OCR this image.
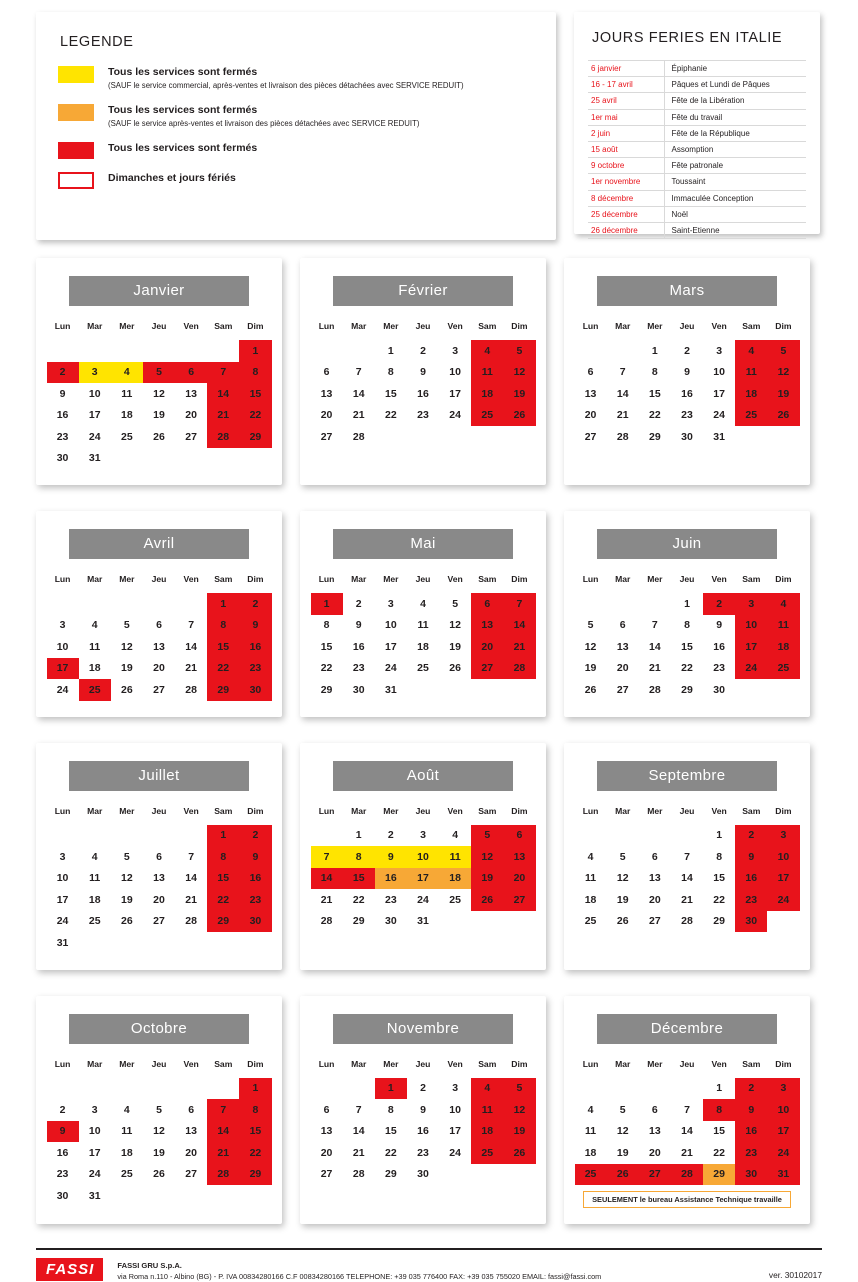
LEGENDE
Tous les services sont fermés
(SAUF le service commercial, après-ventes et livraison des pièces détachées avec SERVICE REDUIT)
Tous les services sont fermés
(SAUF le service après-ventes et livraison des pièces détachées avec SERVICE REDUIT)
Tous les services sont fermés
Dimanches et jours fériés
JOURS FERIES EN ITALIE
6 janvier	Épiphanie
16 - 17 avril	Pâques et Lundi de Pâques
25 avril	Fête de la Libération
1er mai	Fête du travail
2 juin	Fête de la République
15 août	Assomption
9 octobre	Fête patronale
1er novembre	Toussaint
8 décembre	Immaculée Conception
25 décembre	Noël
26 décembre	Saint-Etienne
Janvier
Lun	Mar	Mer	Jeu	Ven	Sam	Dim
						1
2	3	4	5	6	7	8
9	10	11	12	13	14	15
16	17	18	19	20	21	22
23	24	25	26	27	28	29
30	31					
Février
Lun	Mar	Mer	Jeu	Ven	Sam	Dim
		1	2	3	4	5
6	7	8	9	10	11	12
13	14	15	16	17	18	19
20	21	22	23	24	25	26
27	28					
Mars
Lun	Mar	Mer	Jeu	Ven	Sam	Dim
		1	2	3	4	5
6	7	8	9	10	11	12
13	14	15	16	17	18	19
20	21	22	23	24	25	26
27	28	29	30	31		
Avril
Lun	Mar	Mer	Jeu	Ven	Sam	Dim
					1	2
3	4	5	6	7	8	9
10	11	12	13	14	15	16
17	18	19	20	21	22	23
24	25	26	27	28	29	30
Mai
Lun	Mar	Mer	Jeu	Ven	Sam	Dim
1	2	3	4	5	6	7
8	9	10	11	12	13	14
15	16	17	18	19	20	21
22	23	24	25	26	27	28
29	30	31				
Juin
Lun	Mar	Mer	Jeu	Ven	Sam	Dim
			1	2	3	4
5	6	7	8	9	10	11
12	13	14	15	16	17	18
19	20	21	22	23	24	25
26	27	28	29	30		
Juillet
Lun	Mar	Mer	Jeu	Ven	Sam	Dim
					1	2
3	4	5	6	7	8	9
10	11	12	13	14	15	16
17	18	19	20	21	22	23
24	25	26	27	28	29	30
31						
Août
Lun	Mar	Mer	Jeu	Ven	Sam	Dim
	1	2	3	4	5	6
7	8	9	10	11	12	13
14	15	16	17	18	19	20
21	22	23	24	25	26	27
28	29	30	31			
Septembre
Lun	Mar	Mer	Jeu	Ven	Sam	Dim
				1	2	3
4	5	6	7	8	9	10
11	12	13	14	15	16	17
18	19	20	21	22	23	24
25	26	27	28	29	30	
Octobre
Lun	Mar	Mer	Jeu	Ven	Sam	Dim
						1
2	3	4	5	6	7	8
9	10	11	12	13	14	15
16	17	18	19	20	21	22
23	24	25	26	27	28	29
30	31					
Novembre
Lun	Mar	Mer	Jeu	Ven	Sam	Dim
		1	2	3	4	5
6	7	8	9	10	11	12
13	14	15	16	17	18	19
20	21	22	23	24	25	26
27	28	29	30			
Décembre
Lun	Mar	Mer	Jeu	Ven	Sam	Dim
				1	2	3
4	5	6	7	8	9	10
11	12	13	14	15	16	17
18	19	20	21	22	23	24
25	26	27	28	29	30	31
SEULEMENT le bureau Assistance Technique travaille
FASSI	FASSI GRU S.p.A.
via Roma n.110 - Albino (BG) - P. IVA 00834280166 C.F 00834280166 TELEPHONE: +39 035 776400 FAX: +39 035 755020 EMAIL: fassi@fassi.com	ver. 30102017
